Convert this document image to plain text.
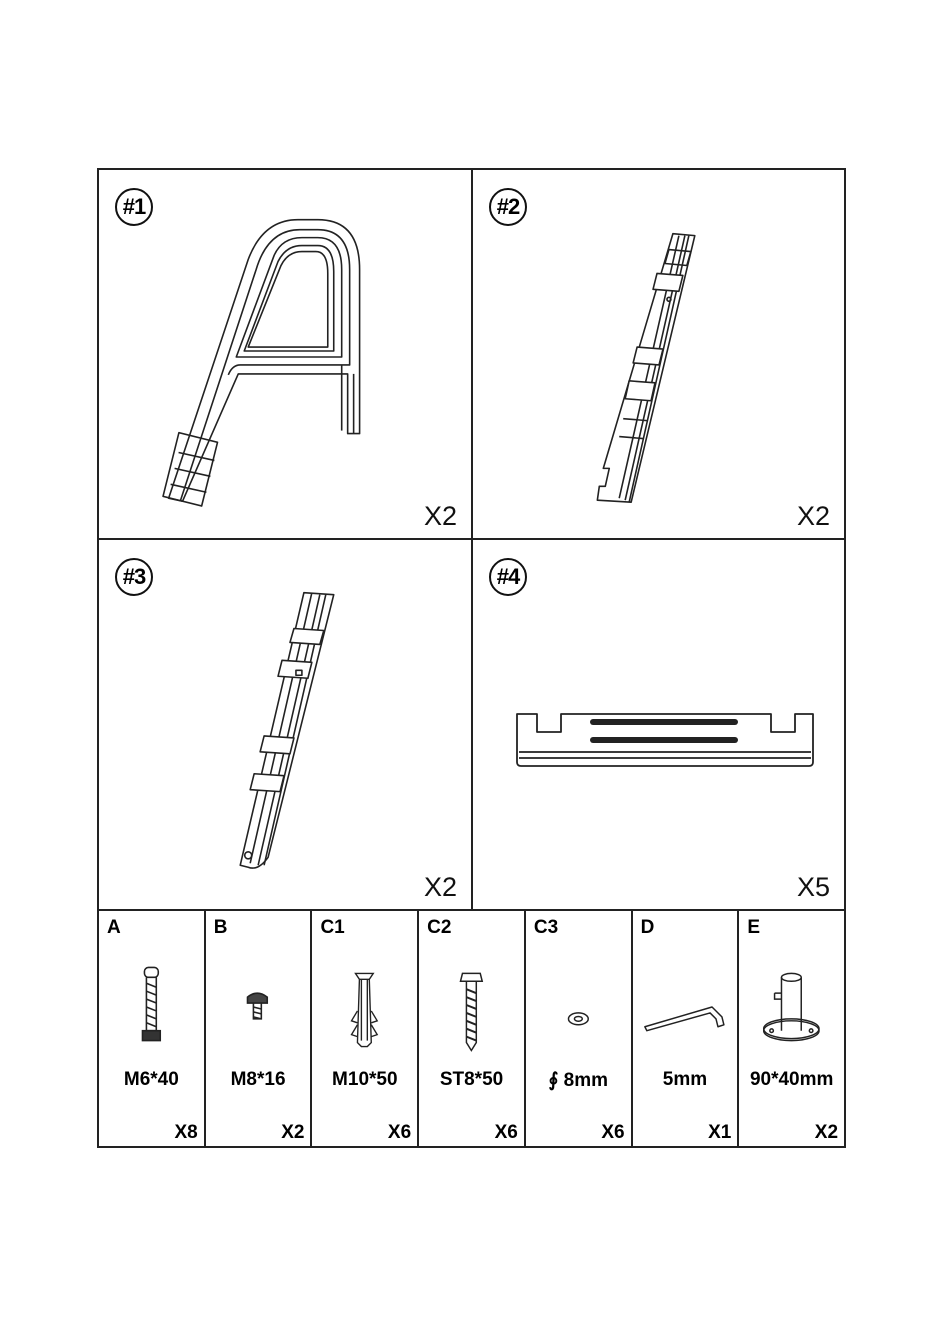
#1
X2
#2
X2
#3
X2
#4
X5
A
M6*40
X8
B
M8*16
X2
C1
M10*50
X6
C2
ST8*50
X6
C3
∮ 8mm
X6
D
5mm
X1
E
90*40mm
X2
